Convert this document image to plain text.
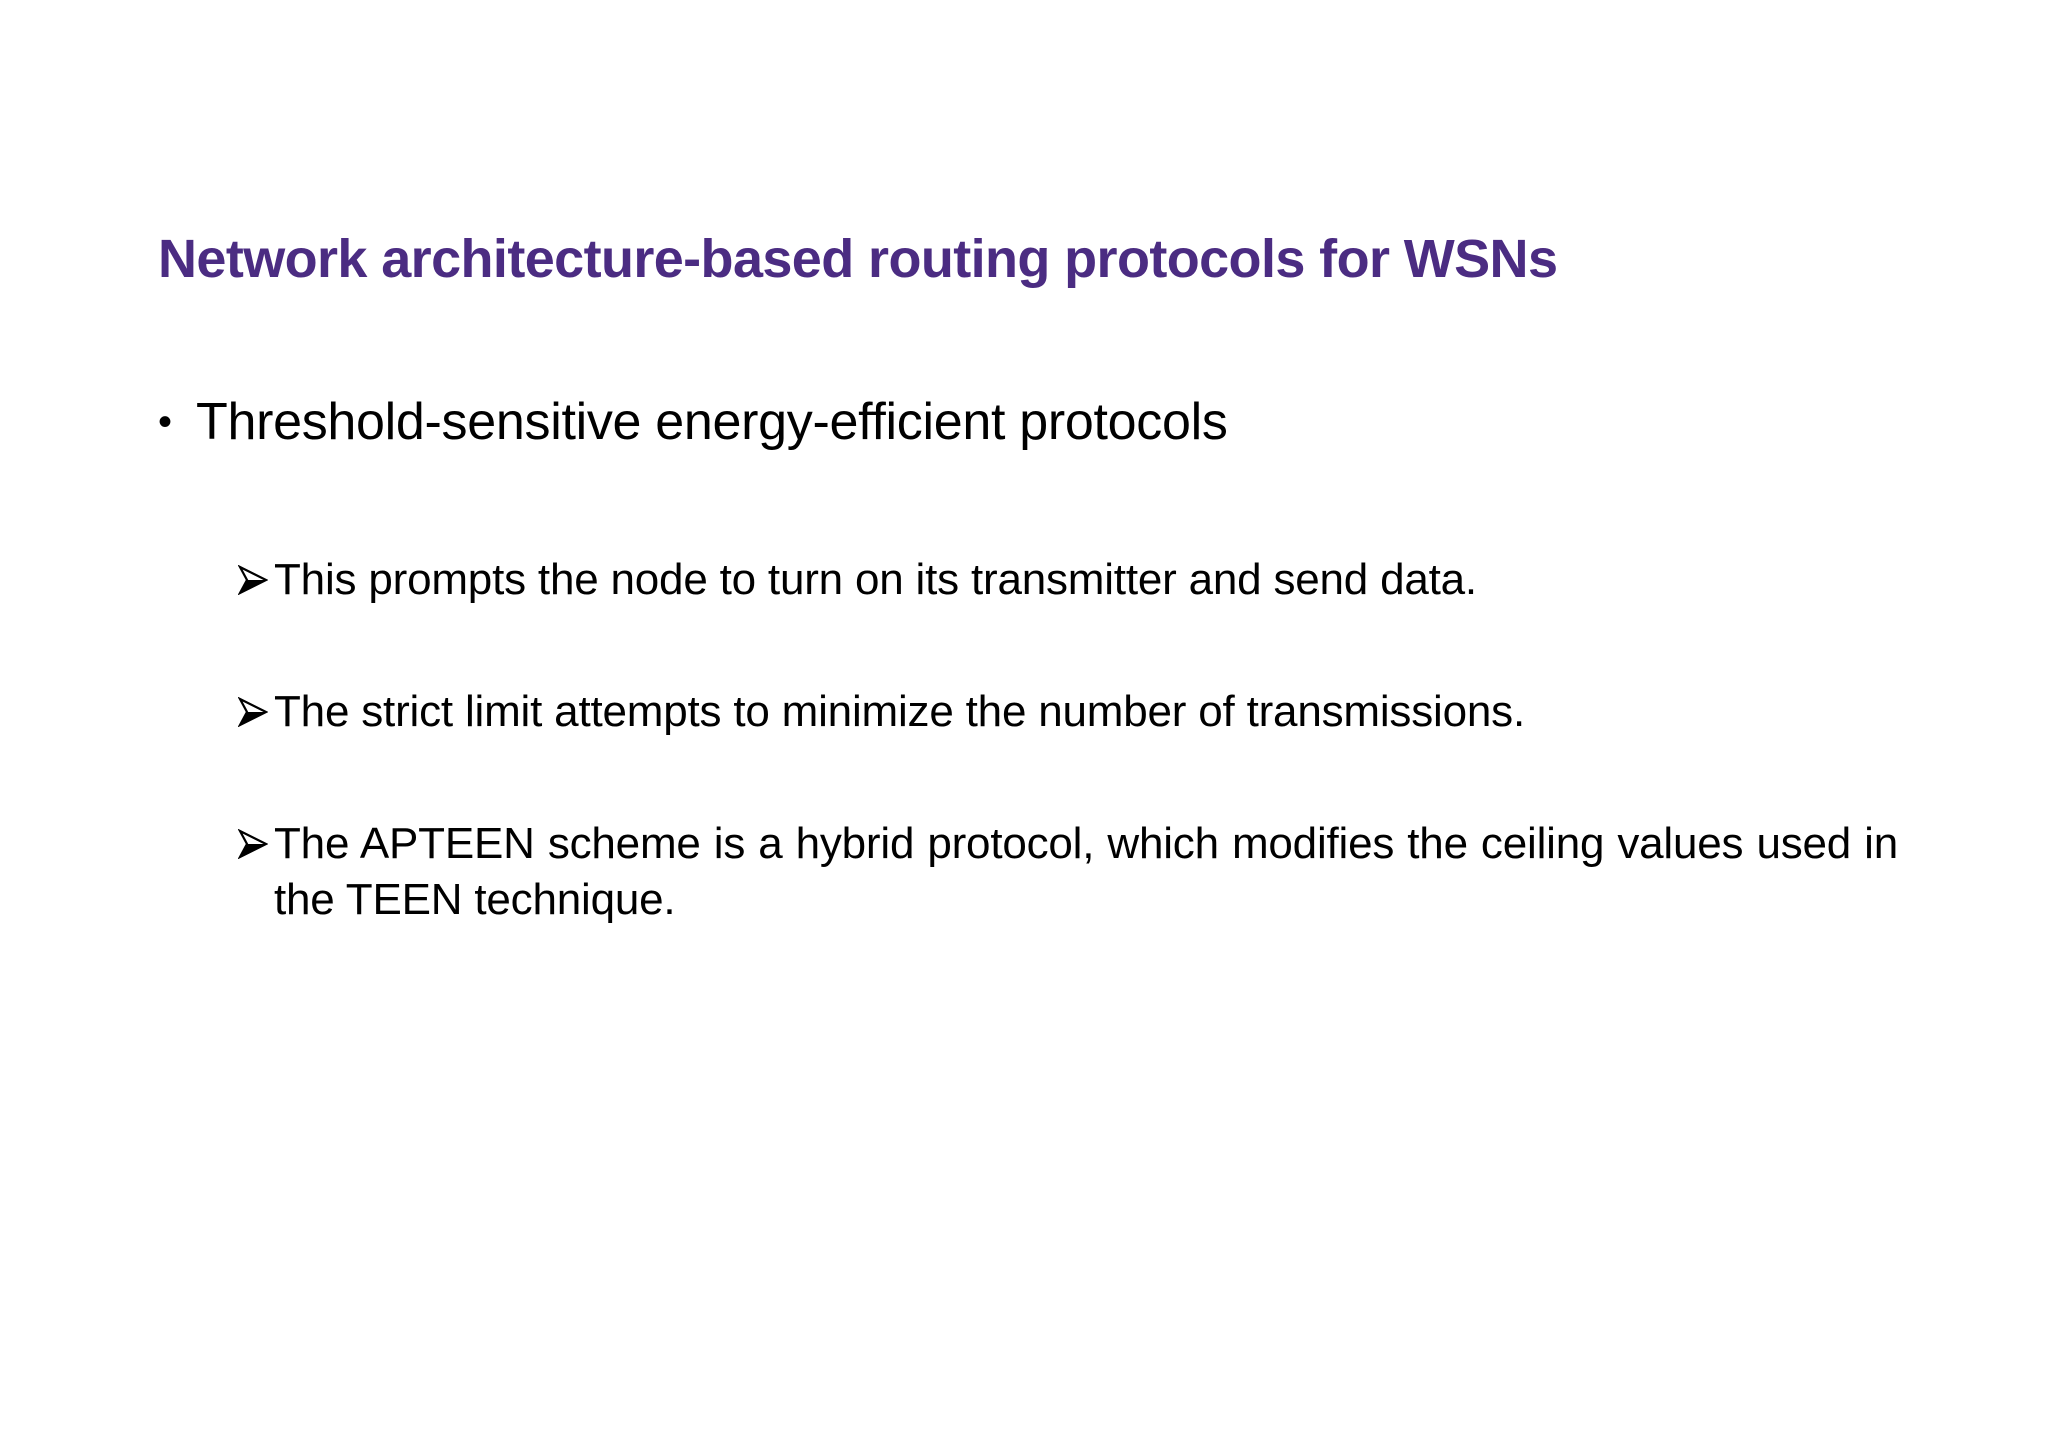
Network architecture-based routing protocols for WSNs
• Threshold-sensitive energy-efficient protocols
This prompts the node to turn on its transmitter and send data.
The strict limit attempts to minimize the number of transmissions.
The APTEEN scheme is a hybrid protocol, which modifies the ceiling values used in the TEEN technique.
